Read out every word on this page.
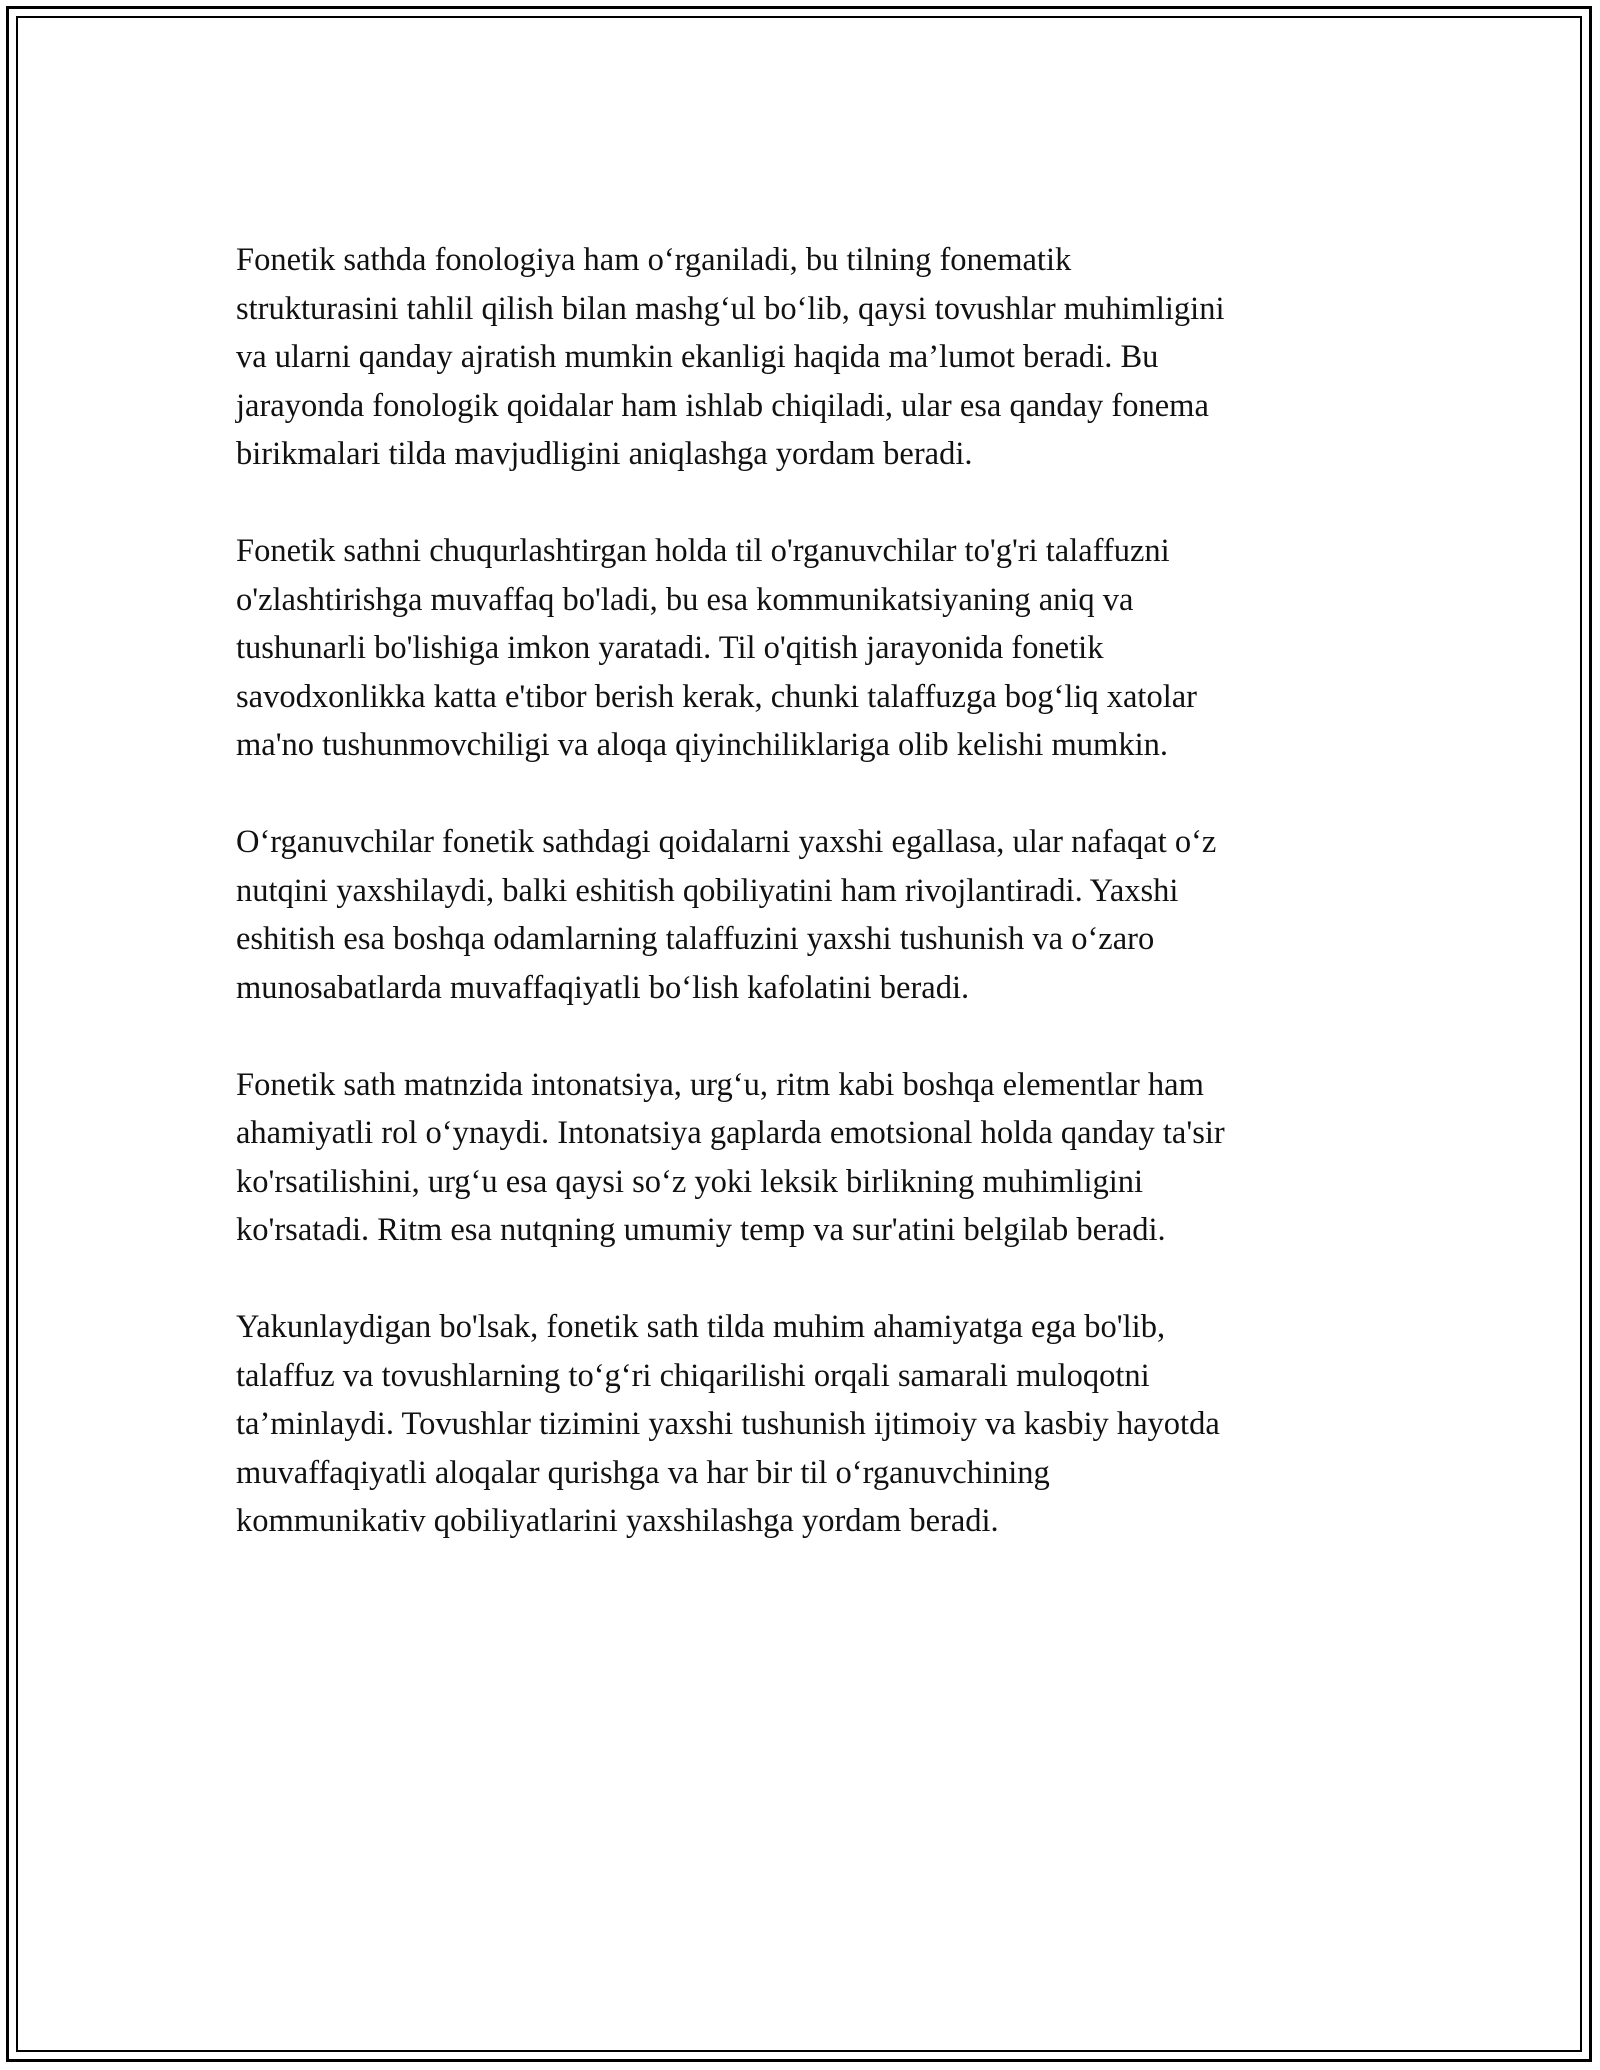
Fonetik sathda fonologiya ham o‘rganiladi, bu tilning fonematik
strukturasini tahlil qilish bilan mashg‘ul bo‘lib, qaysi tovushlar muhimligini
va ularni qanday ajratish mumkin ekanligi haqida ma’lumot beradi. Bu
jarayonda fonologik qoidalar ham ishlab chiqiladi, ular esa qanday fonema
birikmalari tilda mavjudligini aniqlashga yordam beradi.

Fonetik sathni chuqurlashtirgan holda til o'rganuvchilar to'g'ri talaffuzni
o'zlashtirishga muvaffaq bo'ladi, bu esa kommunikatsiyaning aniq va
tushunarli bo'lishiga imkon yaratadi. Til o'qitish jarayonida fonetik
savodxonlikka katta e'tibor berish kerak, chunki talaffuzga bog‘liq xatolar
ma'no tushunmovchiligi va aloqa qiyinchiliklariga olib kelishi mumkin.

O‘rganuvchilar fonetik sathdagi qoidalarni yaxshi egallasa, ular nafaqat o‘z
nutqini yaxshilaydi, balki eshitish qobiliyatini ham rivojlantiradi. Yaxshi
eshitish esa boshqa odamlarning talaffuzini yaxshi tushunish va o‘zaro
munosabatlarda muvaffaqiyatli bo‘lish kafolatini beradi.

Fonetik sath matnzida intonatsiya, urg‘u, ritm kabi boshqa elementlar ham
ahamiyatli rol o‘ynaydi. Intonatsiya gaplarda emotsional holda qanday ta'sir
ko'rsatilishini, urg‘u esa qaysi so‘z yoki leksik birlikning muhimligini
ko'rsatadi. Ritm esa nutqning umumiy temp va sur'atini belgilab beradi.

Yakunlaydigan bo'lsak, fonetik sath tilda muhim ahamiyatga ega bo'lib,
talaffuz va tovushlarning to‘g‘ri chiqarilishi orqali samarali muloqotni
ta’minlaydi. Tovushlar tizimini yaxshi tushunish ijtimoiy va kasbiy hayotda
muvaffaqiyatli aloqalar qurishga va har bir til o‘rganuvchining
kommunikativ qobiliyatlarini yaxshilashga yordam beradi.
